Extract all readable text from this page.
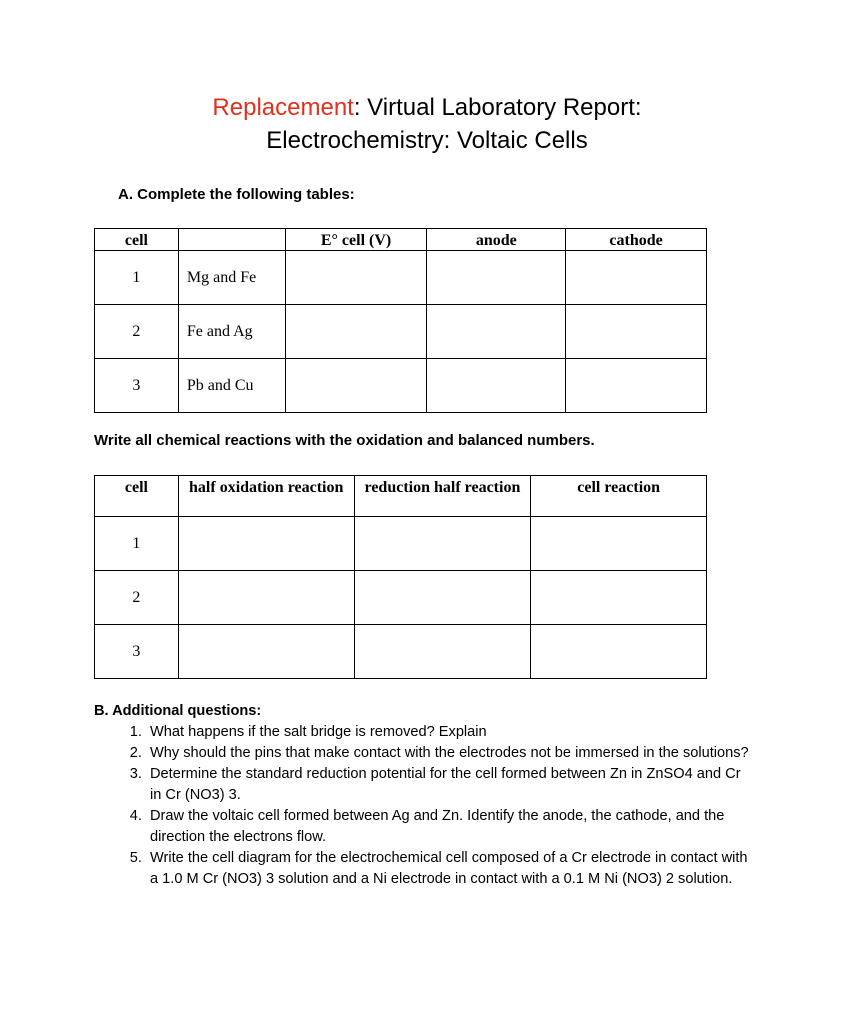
Replacement: Virtual Laboratory Report:
Electrochemistry: Voltaic Cells
A. Complete the following tables:
cell		E° cell (V)	anode	cathode
1	Mg and Fe			
2	Fe and Ag			
3	Pb and Cu			
Write all chemical reactions with the oxidation and balanced numbers.
cell	half oxidation reaction	reduction half reaction	cell reaction
1			
2			
3			
B. Additional questions:
1. What happens if the salt bridge is removed? Explain
2. Why should the pins that make contact with the electrodes not be immersed in the solutions?
3. Determine the standard reduction potential for the cell formed between Zn in ZnSO4 and Cr in Cr (NO3) 3.
4. Draw the voltaic cell formed between Ag and Zn. Identify the anode, the cathode, and the direction the electrons flow.
5. Write the cell diagram for the electrochemical cell composed of a Cr electrode in contact with a 1.0 M Cr (NO3) 3 solution and a Ni electrode in contact with a 0.1 M Ni (NO3) 2 solution.
